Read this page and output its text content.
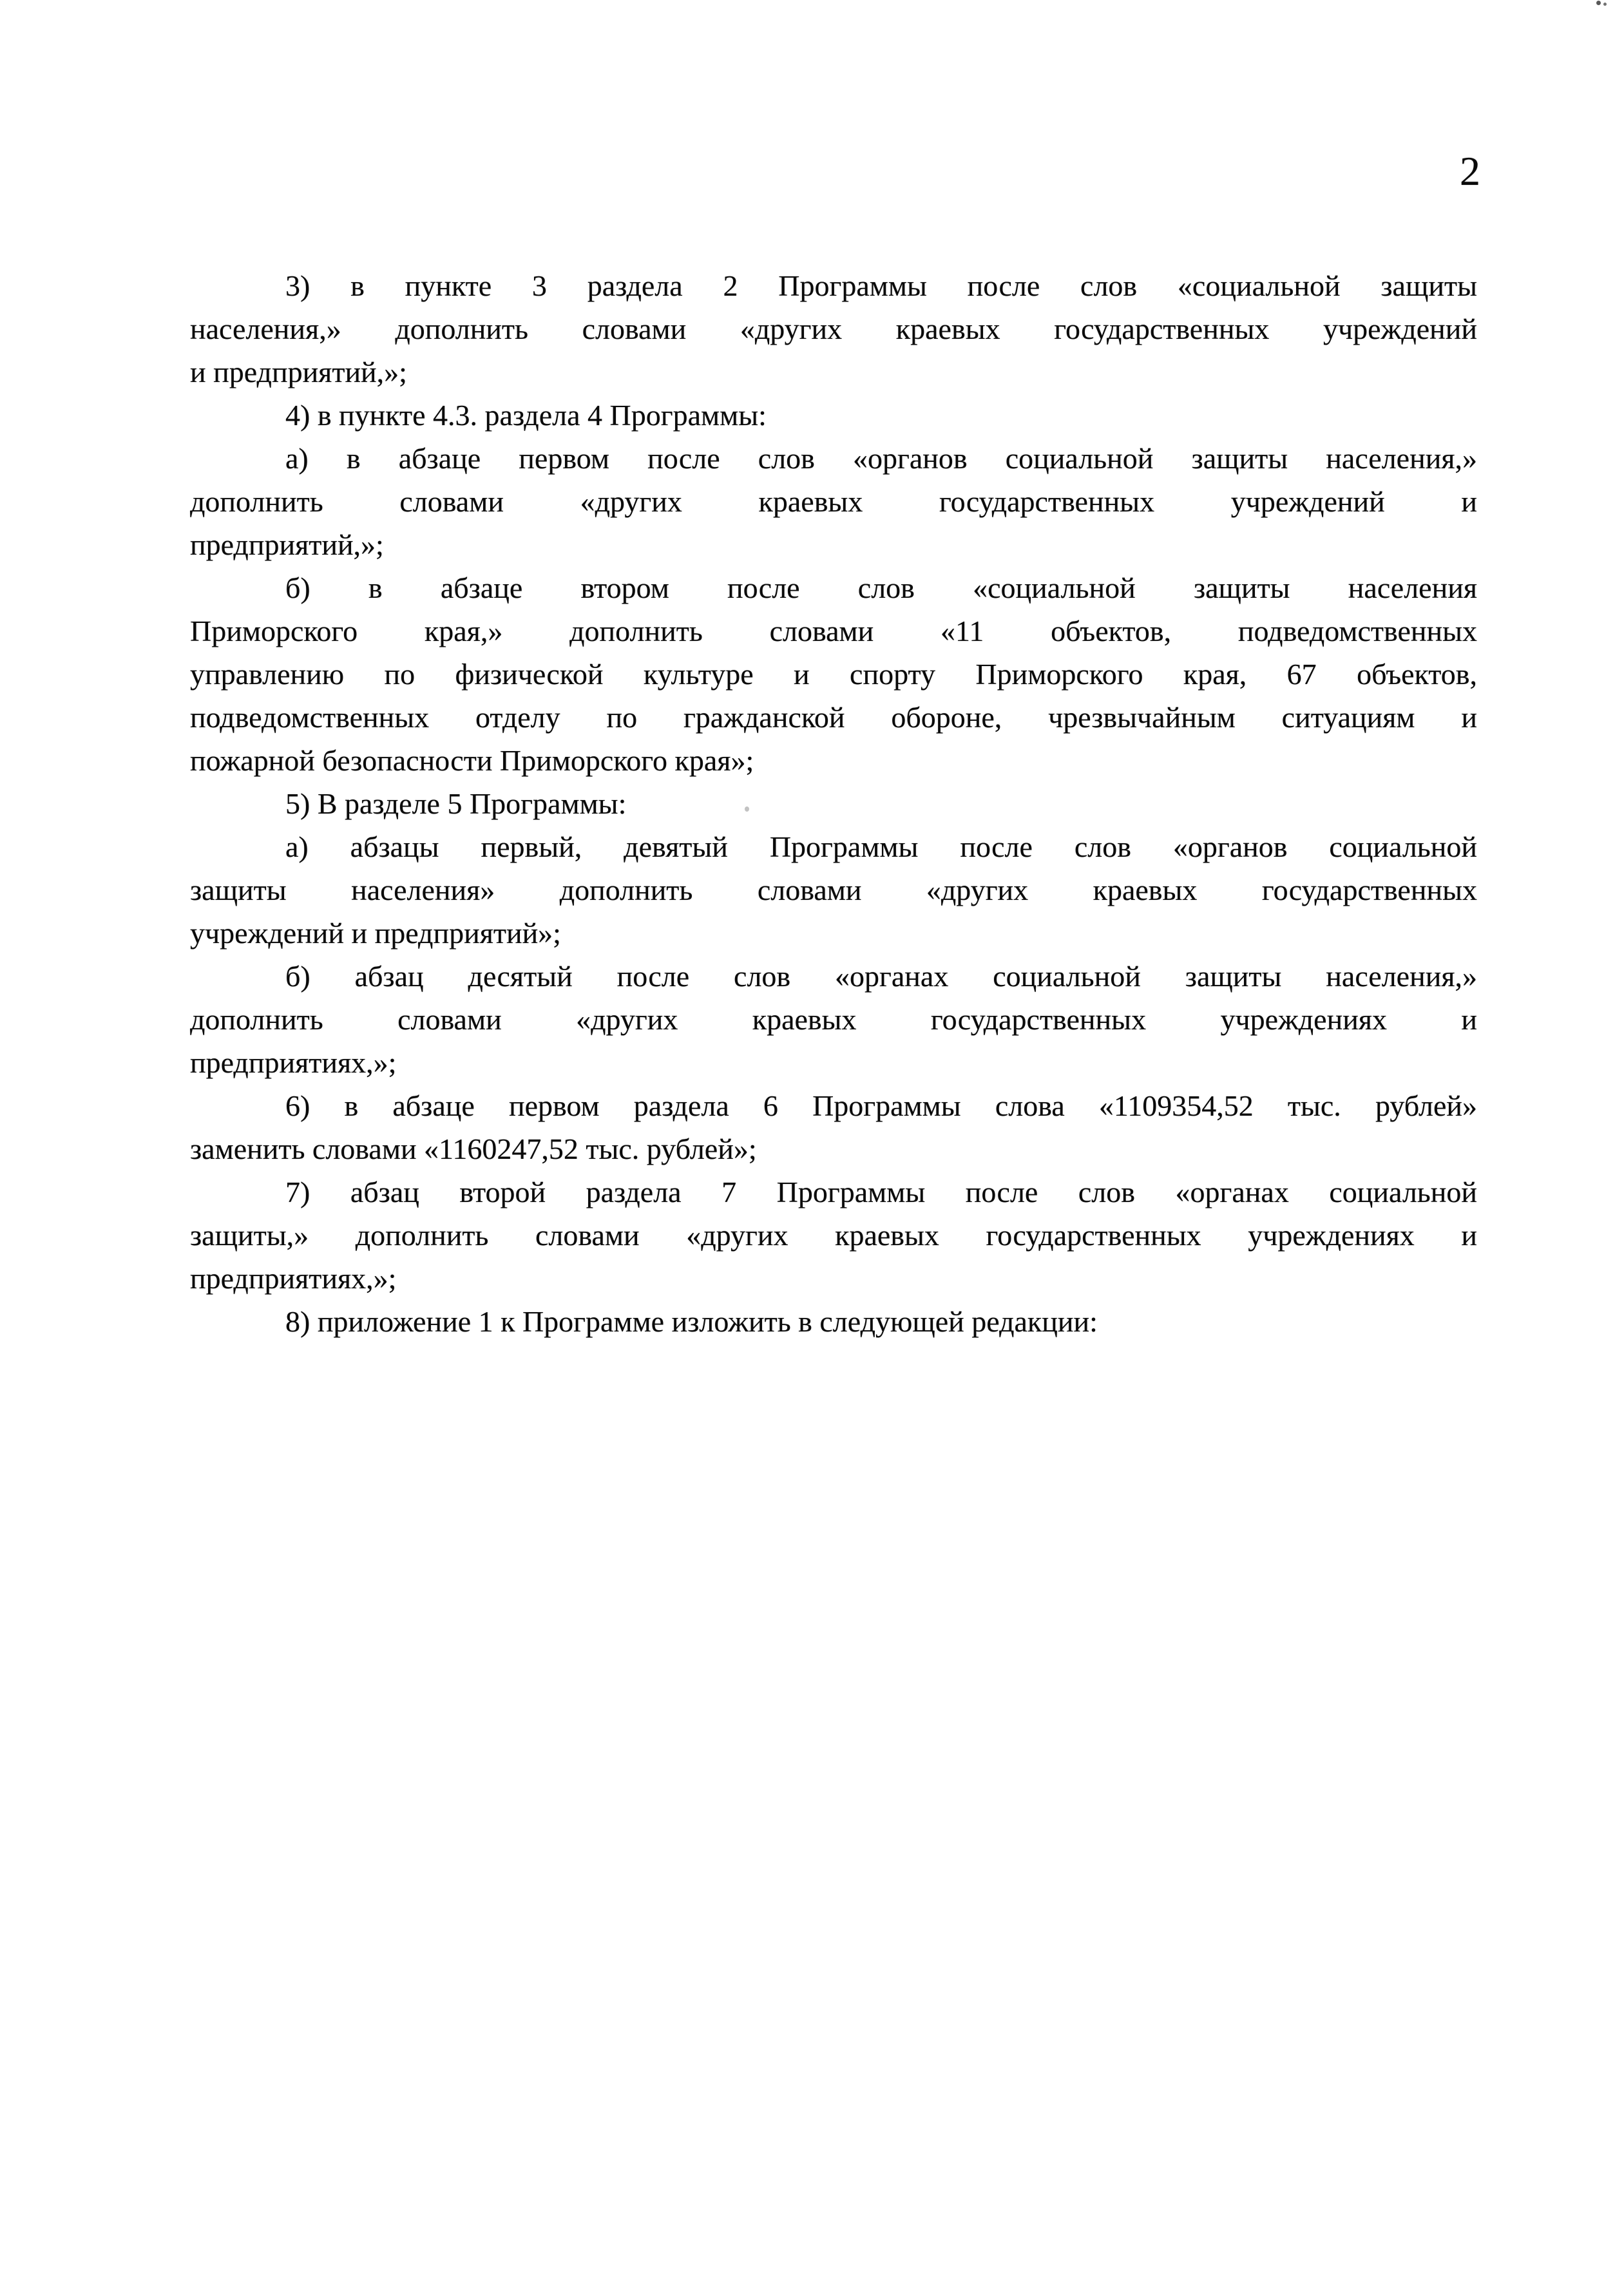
2
3) в пункте 3 раздела 2 Программы после слов «социальной защиты
населения,» дополнить словами «других краевых государственных учреждений
и предприятий,»;
4) в пункте 4.3. раздела 4 Программы:
а) в абзаце первом после слов «органов социальной защиты населения,»
дополнить словами «других краевых государственных учреждений и
предприятий,»;
б) в абзаце втором после слов «социальной защиты населения
Приморского края,» дополнить словами «11 объектов, подведомственных
управлению по физической культуре и спорту Приморского края, 67 объектов,
подведомственных отделу по гражданской обороне, чрезвычайным ситуациям и
пожарной безопасности Приморского края»;
5) В разделе 5 Программы:
а) абзацы первый, девятый Программы после слов «органов социальной
защиты населения» дополнить словами «других краевых государственных
учреждений и предприятий»;
б) абзац десятый после слов «органах социальной защиты населения,»
дополнить словами «других краевых государственных учреждениях и
предприятиях,»;
6) в абзаце первом раздела 6 Программы слова «1109354,52 тыс. рублей»
заменить словами «1160247,52 тыс. рублей»;
7) абзац второй раздела 7 Программы после слов «органах социальной
защиты,» дополнить словами «других краевых государственных учреждениях и
предприятиях,»;
8) приложение 1 к Программе изложить в следующей редакции:
